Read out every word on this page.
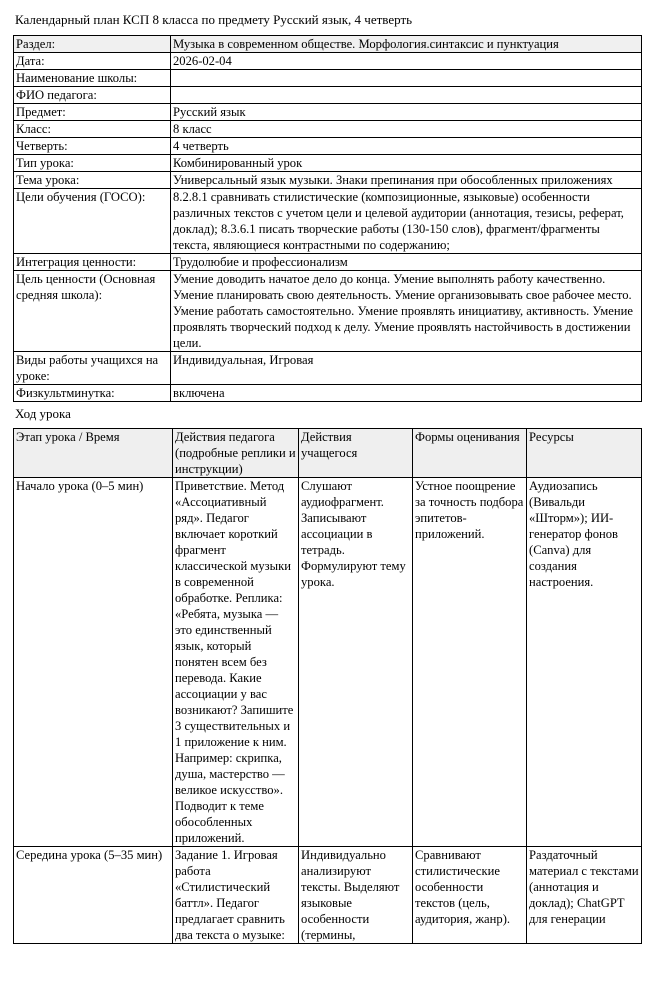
Календарный план КСП 8 класса по предмету Русский язык, 4 четверть
Раздел:	Музыка в современном обществе. Морфология.синтаксис и пунктуация
Дата:	2026-02-04
Наименование школы:	
ФИО педагога:	
Предмет:	Русский язык
Класс:	8 класс
Четверть:	4 четверть
Тип урока:	Комбинированный урок
Тема урока:	Универсальный язык музыки. Знаки препинания при обособленных приложениях
Цели обучения (ГОСО):	8.2.8.1 сравнивать стилистические (композиционные, языковые) особенности различных текстов с учетом цели и целевой аудитории (аннотация, тезисы, реферат, доклад); 8.3.6.1 писать творческие работы (130-150 слов), фрагмент/фрагменты текста, являющиеся контрастными по содержанию;
Интеграция ценности:	Трудолюбие и профессионализм
Цель ценности (Основная средняя школа):	Умение доводить начатое дело до конца. Умение выполнять работу качественно. Умение планировать свою деятельность. Умение организовывать свое рабочее место. Умение работать самостоятельно. Умение проявлять инициативу, активность. Умение проявлять творческий подход к делу. Умение проявлять настойчивость в достижении цели.
Виды работы учащихся на уроке:	Индивидуальная, Игровая
Физкультминутка:	включена
Ход урока
Этап урока / Время	Действия педагога (подробные реплики и инструкции)	Действия учащегося	Формы оценивания	Ресурсы
Начало урока (0–5 мин)	Приветствие. Метод «Ассоциативный ряд». Педагог включает короткий фрагмент классической музыки в современной обработке. Реплика: «Ребята, музыка — это единственный язык, который понятен всем без перевода. Какие ассоциации у вас возникают? Запишите 3 существительных и 1 приложение к ним. Например: скрипка, душа, мастерство — великое искусство». Подводит к теме обособленных приложений.	Слушают аудиофрагмент. Записывают ассоциации в тетрадь. Формулируют тему урока.	Устное поощрение за точность подбора эпитетов-приложений.	Аудиозапись (Вивальди «Шторм»); ИИ-генератор фонов (Canva) для создания настроения.
Середина урока (5–35 мин)	Задание 1. Игровая работа «Стилистический баттл». Педагог предлагает сравнить два текста о музыке:	Индивидуально анализируют тексты. Выделяют языковые особенности (термины,	Сравнивают стилистические особенности текстов (цель, аудитория, жанр).	Раздаточный материал с текстами (аннотация и доклад); ChatGPT для генерации
